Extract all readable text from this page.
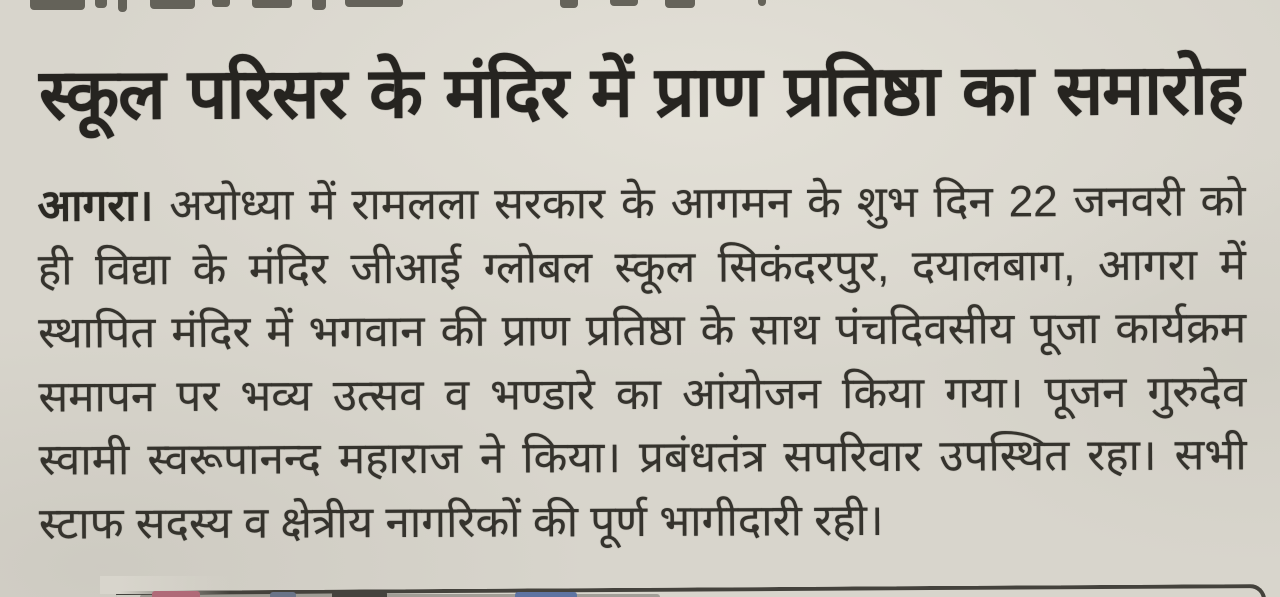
स्कूल परिसर के मंदिर में प्राण प्रतिष्ठा का समारोह
आगरा। अयोध्या में रामलला सरकार के आगमन के शुभ दिन 22 जनवरी को
ही विद्या के मंदिर जीआई ग्लोबल स्कूल सिकंदरपुर, दयालबाग, आगरा में
स्थापित मंदिर में भगवान की प्राण प्रतिष्ठा के साथ पंचदिवसीय पूजा कार्यक्रम
समापन पर भव्य उत्सव व भण्डारे का आंयोजन किया गया। पूजन गुरुदेव
स्वामी स्वरूपानन्द महाराज ने किया। प्रबंधतंत्र सपरिवार उपस्थित रहा। सभी
स्टाफ सदस्य व क्षेत्रीय नागरिकों की पूर्ण भागीदारी रही।
